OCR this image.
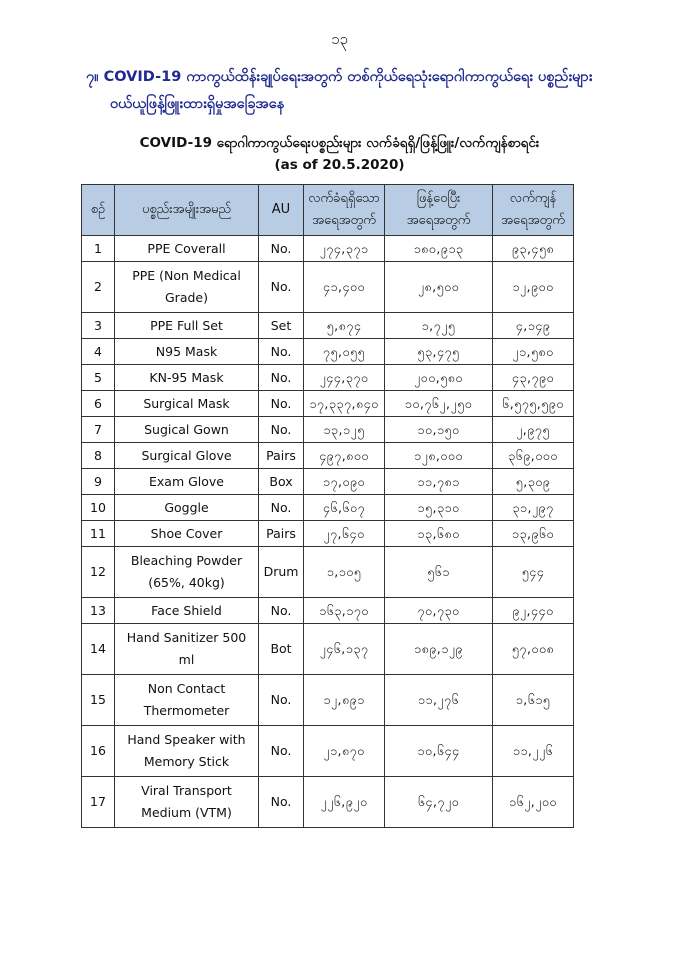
၁၃
၇။ COVID-19 ကာကွယ်ထိန်းချုပ်ရေးအတွက် တစ်ကိုယ်ရေသုံးရောဂါကာကွယ်ရေး ပစ္စည်းများ
ဝယ်ယူဖြန့်ဖြူးထားရှိမှုအခြေအနေ
COVID-19 ရောဂါကာကွယ်ရေးပစ္စည်းများ လက်ခံရရှိ/ဖြန့်ဖြူး/လက်ကျန်စာရင်း
(as of 20.5.2020)
စဉ်	ပစ္စည်းအမျိုးအမည်	AU	လက်ခံရရှိသော အရေအတွက်	ဖြန့်ဝေပြီး အရေအတွက်	လက်ကျန် အရေအတွက်
1	PPE Coverall	No.	၂၇၄,၃၇၁	၁၈၀,၉၁၃	၉၃,၄၅၈
2	PPE (Non Medical Grade)	No.	၄၁,၄၀၀	၂၈,၅၀၀	၁၂,၉၀၀
3	PPE Full Set	Set	၅,၈၇၄	၁,၇၂၅	၄,၁၄၉
4	N95 Mask	No.	၇၅,၀၅၅	၅၃,၄၇၅	၂၁,၅၈၀
5	KN-95 Mask	No.	၂၄၄,၃၇၀	၂၀၀,၅၈၀	၄၃,၇၉၀
6	Surgical Mask	No.	၁၇,၃၃၇,၈၄၀	၁၀,၇၆၂,၂၅၀	၆,၅၇၅,၅၉၀
7	Sugical Gown	No.	၁၃,၁၂၅	၁၀,၁၅၀	၂,၉၇၅
8	Surgical Glove	Pairs	၄၉၇,၈၀၀	၁၂၈,၀၀၀	၃၆၉,၀၀၀
9	Exam Glove	Box	၁၇,၀၉၀	၁၁,၇၈၁	၅,၃၀၉
10	Goggle	No.	၄၆,၆၀၇	၁၅,၃၁၀	၃၁,၂၉၇
11	Shoe Cover	Pairs	၂၇,၆၄၀	၁၃,၆၈၀	၁၃,၉၆၀
12	Bleaching Powder (65%, 40kg)	Drum	၁,၁၀၅	၅၆၁	၅၄၄
13	Face Shield	No.	၁၆၃,၁၇၀	၇၀,၇၃၀	၉၂,၄၄၀
14	Hand Sanitizer 500 ml	Bot	၂၄၆,၁၃၇	၁၈၉,၁၂၉	၅၇,၀၀၈
15	Non Contact Thermometer	No.	၁၂,၈၉၁	၁၁,၂၇၆	၁,၆၁၅
16	Hand Speaker with Memory Stick	No.	၂၁,၈၇၀	၁၀,၆၄၄	၁၁,၂၂၆
17	Viral Transport Medium (VTM)	No.	၂၂၆,၉၂၀	၆၄,၇၂၀	၁၆၂,၂၀၀
